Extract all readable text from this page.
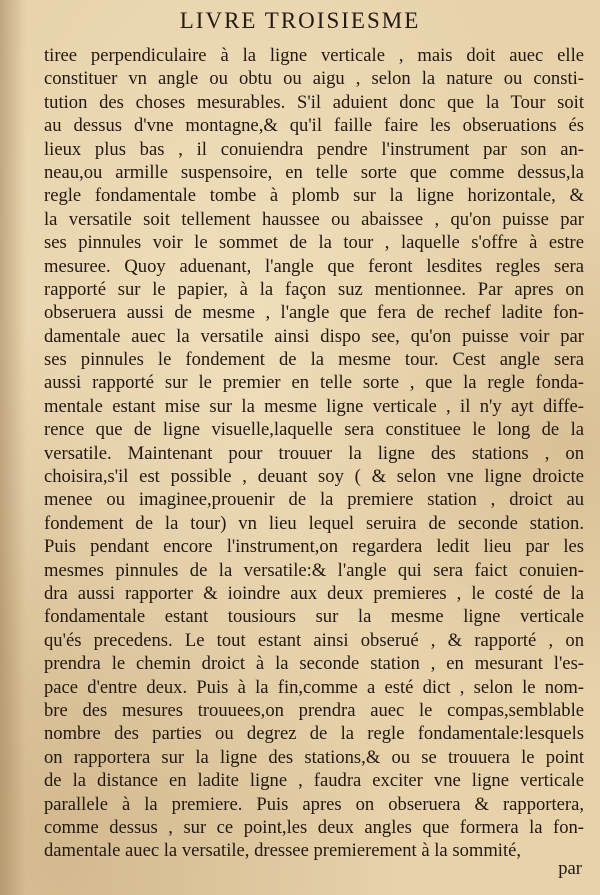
LIVRE TROISIESME
tiree perpendiculaire à la ligne verticale , mais doit auec elle
constituer vn angle ou obtu ou aigu , selon la nature ou consti-
tution des choses mesurables. S'il aduient donc que la Tour soit
au dessus d'vne montagne,& qu'il faille faire les obseruations és
lieux plus bas , il conuiendra pendre l'instrument par son an-
neau,ou armille suspensoire, en telle sorte que comme dessus,la
regle fondamentale tombe à plomb sur la ligne horizontale, &
la versatile soit tellement haussee ou abaissee , qu'on puisse par
ses pinnules voir le sommet de la tour , laquelle s'offre à estre
mesuree. Quoy aduenant, l'angle que feront lesdites regles sera
rapporté sur le papier, à la façon suz mentionnee. Par apres on
obseruera aussi de mesme , l'angle que fera de rechef ladite fon-
damentale auec la versatile ainsi dispo see, qu'on puisse voir par
ses pinnules le fondement de la mesme tour. Cest angle sera
aussi rapporté sur le premier en telle sorte , que la regle fonda-
mentale estant mise sur la mesme ligne verticale , il n'y ayt diffe-
rence que de ligne visuelle,laquelle sera constituee le long de la
versatile. Maintenant pour trouuer la ligne des stations , on
choisira,s'il est possible , deuant soy ( & selon vne ligne droicte
menee ou imaginee,prouenir de la premiere station , droict au
fondement de la tour) vn lieu lequel seruira de seconde station.
Puis pendant encore l'instrument,on regardera ledit lieu par les
mesmes pinnules de la versatile:& l'angle qui sera faict conuien-
dra aussi rapporter & ioindre aux deux premieres , le costé de la
fondamentale estant tousiours sur la mesme ligne verticale
qu'és precedens. Le tout estant ainsi obserué , & rapporté , on
prendra le chemin droict à la seconde station , en mesurant l'es-
pace d'entre deux. Puis à la fin,comme a esté dict , selon le nom-
bre des mesures trouuees,on prendra auec le compas,semblable
nombre des parties ou degrez de la regle fondamentale:lesquels
on rapportera sur la ligne des stations,& ou se trouuera le point
de la distance en ladite ligne , faudra exciter vne ligne verticale
parallele à la premiere. Puis apres on obseruera & rapportera,
comme dessus , sur ce point,les deux angles que formera la fon-
damentale auec la versatile, dressee premierement à la sommité,
par
